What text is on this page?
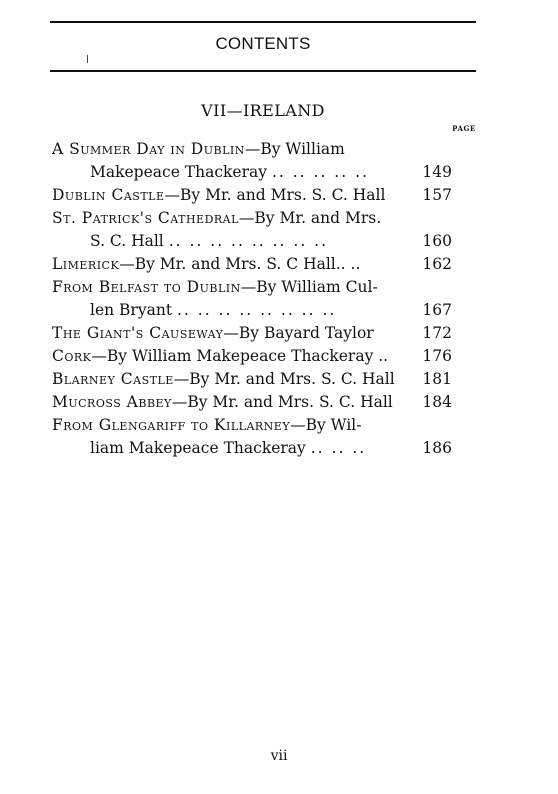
CONTENTS
VII—IRELAND
PAGE
A Summer Day in Dublin—By William
Makepeace Thackeray .. .. .. .. ..	149
Dublin Castle—By Mr. and Mrs. S. C. Hall	157
St. Patrick's Cathedral—By Mr. and Mrs.
S. C. Hall .. .. .. .. .. .. .. ..	160
Limerick—By Mr. and Mrs. S. C Hall.. ..	162
From Belfast to Dublin—By William Cul-
len Bryant .. .. .. .. .. .. .. ..	167
The Giant's Causeway—By Bayard Taylor	172
Cork—By William Makepeace Thackeray ..	176
Blarney Castle—By Mr. and Mrs. S. C. Hall	181
Mucross Abbey—By Mr. and Mrs. S. C. Hall	184
From Glengariff to Killarney—By Wil-
liam Makepeace Thackeray .. .. ..	186
vii
